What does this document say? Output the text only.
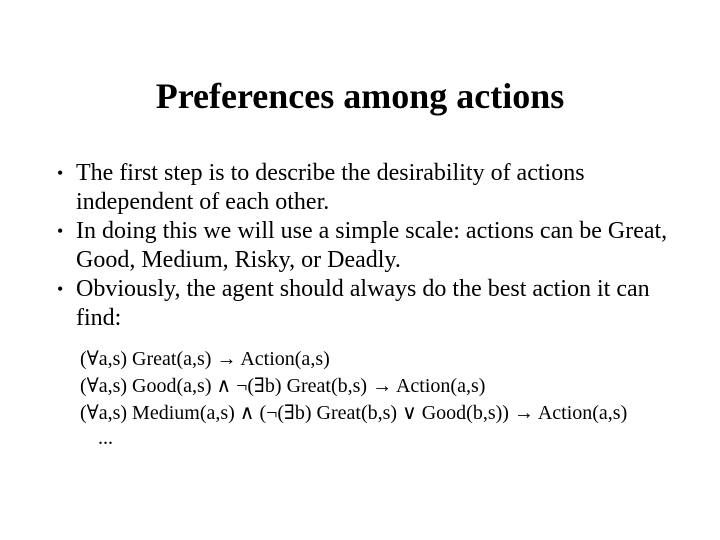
Preferences among actions
• The first step is to describe the desirability of actions independent of each other.
• In doing this we will use a simple scale: actions can be Great, Good, Medium, Risky, or Deadly.
• Obviously, the agent should always do the best action it can find:
(∀a,s) Great(a,s) → Action(a,s)
(∀a,s) Good(a,s) ∧ ¬(∃b) Great(b,s) → Action(a,s)
(∀a,s) Medium(a,s) ∧ (¬(∃b) Great(b,s) ∨ Good(b,s)) → Action(a,s)
...
